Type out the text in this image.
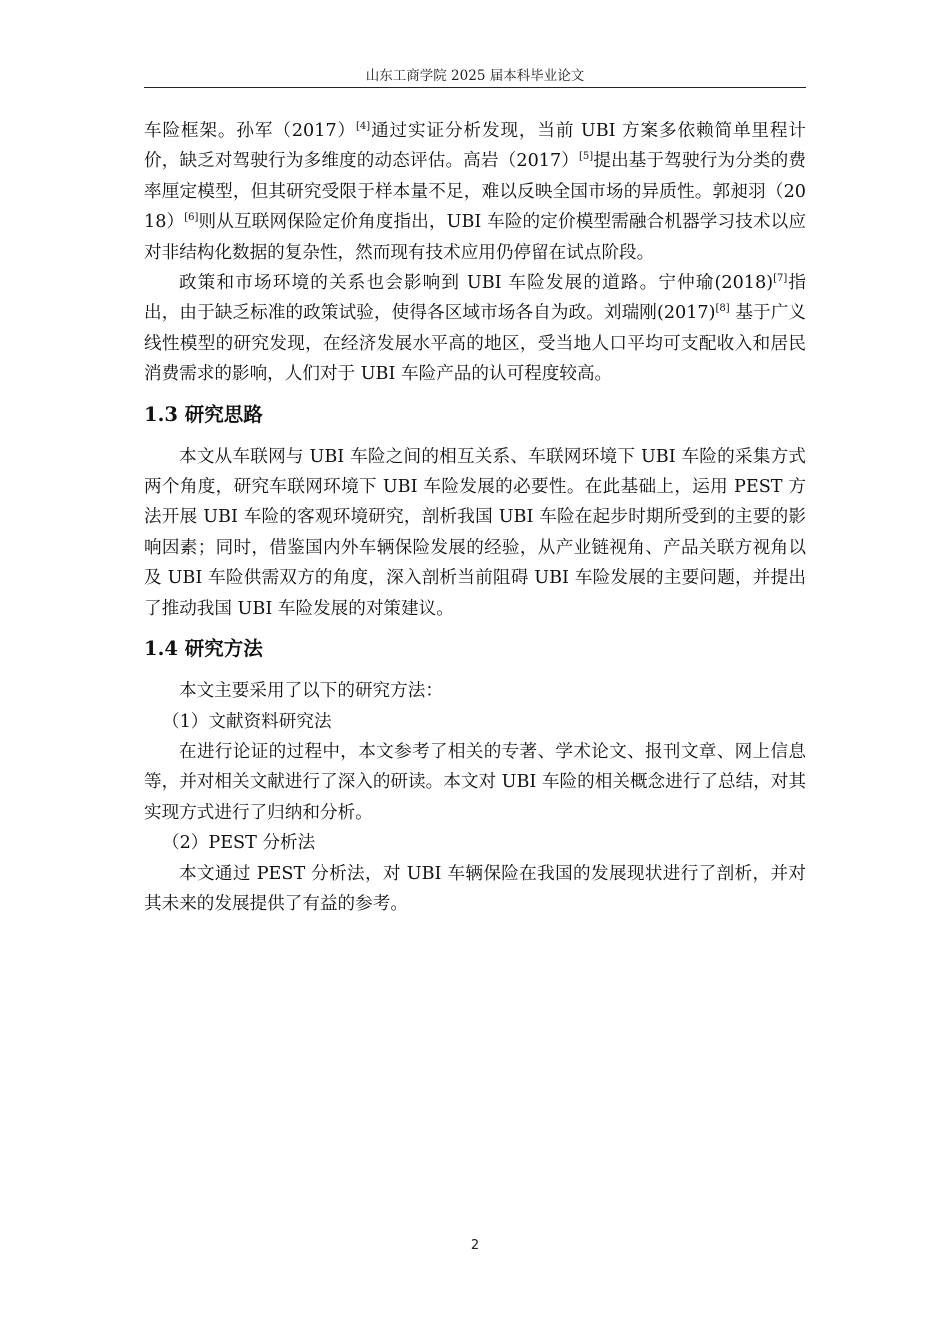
山东工商学院 2025 届本科毕业论文

车险框架。孙军（2017）[4]通过实证分析发现，当前 UBI 方案多依赖简单里程计价，缺乏对驾驶行为多维度的动态评估。高岩（2017）[5]提出基于驾驶行为分类的费率厘定模型，但其研究受限于样本量不足，难以反映全国市场的异质性。郭昶羽（2018）[6]则从互联网保险定价角度指出，UBI 车险的定价模型需融合机器学习技术以应对非结构化数据的复杂性，然而现有技术应用仍停留在试点阶段。

政策和市场环境的关系也会影响到 UBI 车险发展的道路。宁仲瑜(2018)[7]指出，由于缺乏标准的政策试验，使得各区域市场各自为政。刘瑞刚(2017)[8] 基于广义线性模型的研究发现，在经济发展水平高的地区，受当地人口平均可支配收入和居民消费需求的影响，人们对于 UBI 车险产品的认可程度较高。

1.3 研究思路

本文从车联网与 UBI 车险之间的相互关系、车联网环境下 UBI 车险的采集方式两个角度，研究车联网环境下 UBI 车险发展的必要性。在此基础上，运用 PEST 方法开展 UBI 车险的客观环境研究，剖析我国 UBI 车险在起步时期所受到的主要的影响因素；同时，借鉴国内外车辆保险发展的经验，从产业链视角、产品关联方视角以及 UBI 车险供需双方的角度，深入剖析当前阻碍 UBI 车险发展的主要问题，并提出了推动我国 UBI 车险发展的对策建议。

1.4 研究方法

本文主要采用了以下的研究方法：

（1）文献资料研究法

在进行论证的过程中，本文参考了相关的专著、学术论文、报刊文章、网上信息等，并对相关文献进行了深入的研读。本文对 UBI 车险的相关概念进行了总结，对其实现方式进行了归纳和分析。

（2）PEST 分析法

本文通过 PEST 分析法，对 UBI 车辆保险在我国的发展现状进行了剖析，并对其未来的发展提供了有益的参考。

2
